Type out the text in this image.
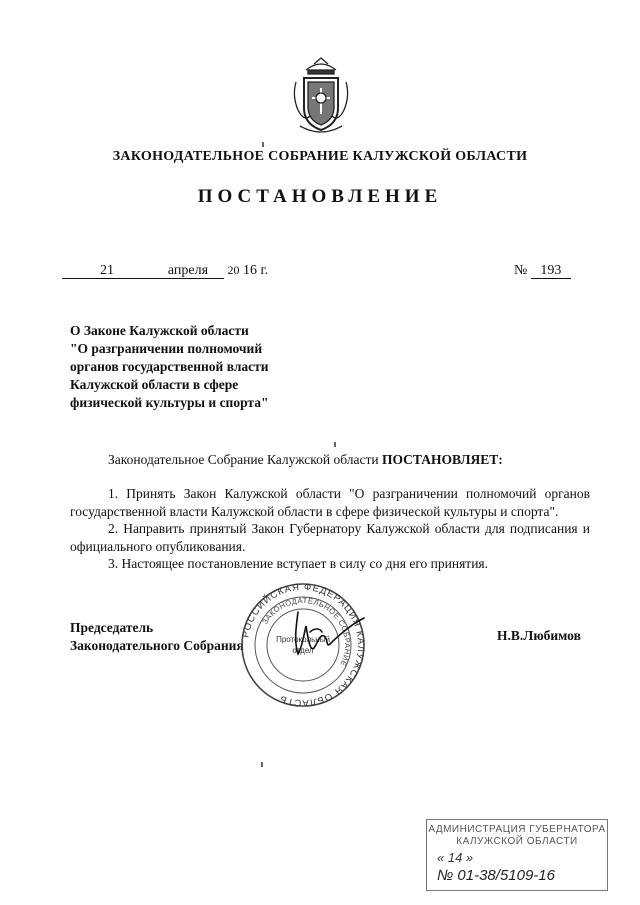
ЗАКОНОДАТЕЛЬНОЕ СОБРАНИЕ КАЛУЖСКОЙ ОБЛАСТИ
ПОСТАНОВЛЕНИЕ
21	апреля 20 16 г.	№ 193
О Законе Калужской области
"О разграничении полномочий
органов государственной власти
Калужской области в сфере
физической культуры и спорта"
Законодательное Собрание Калужской области ПОСТАНОВЛЯЕТ:

1. Принять Закон Калужской области "О разграничении полномочий органов государственной власти Калужской области в сфере физической культуры и спорта".

2. Направить принятый Закон Губернатору Калужской области для подписания и официального опубликования.

3. Настоящее постановление вступает в силу со дня его принятия.

Председатель
Законодательного Собрания
Н.В.Любимов
РОССИЙСКАЯ ФЕДЕРАЦИЯ КАЛУЖСКАЯ ОБЛАСТЬ
ЗАКОНОДАТЕЛЬНОЕ СОБРАНИЕ
Протокольный
отдел
АДМИНИСТРАЦИЯ ГУБЕРНАТОРА
КАЛУЖСКОЙ ОБЛАСТИ
« 14 »
№ 01-38/5109-16
